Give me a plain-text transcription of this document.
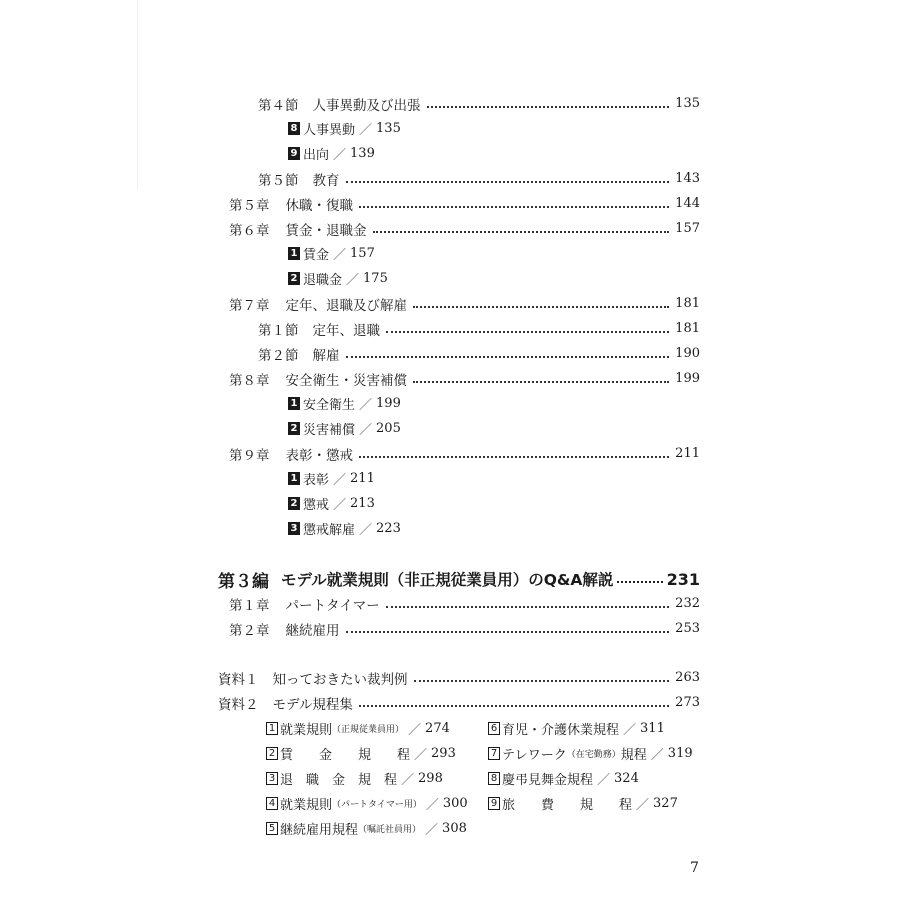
第４節 人事異動及び出張	135
8 人事異動 ／ 135
9 出向 ／ 139
第５節 教育	143
第５章 休職・復職	144
第６章 賃金・退職金	157
1 賃金 ／ 157
2 退職金 ／ 175
第７章 定年、退職及び解雇	181
第１節 定年、退職	181
第２節 解雇	190
第８章 安全衛生・災害補償	199
1 安全衛生 ／ 199
2 災害補償 ／ 205
第９章 表彰・懲戒	211
1 表彰 ／ 211
2 懲戒 ／ 213
3 懲戒解雇 ／ 223
第３編 モデル就業規則（非正規従業員用）のQ&A解説	231
第１章 パートタイマー	232
第２章 継続雇用	253
資料１ 知っておきたい裁判例	263
資料２ モデル規程集	273
1 就業規則 （正規従業員用） ／ 274
2 賃　　金　　規　　程 ／ 293
3 退　職　金　規　程 ／ 298
4 就業規則 （パートタイマー用） ／ 300
5 継続雇用規程 （嘱託社員用） ／ 308
6 育児・介護休業規程 ／ 311
7 テレワーク （在宅勤務） 規程 ／ 319
8 慶弔見舞金規程 ／ 324
9 旅　　費　　規　　程 ／ 327
7
